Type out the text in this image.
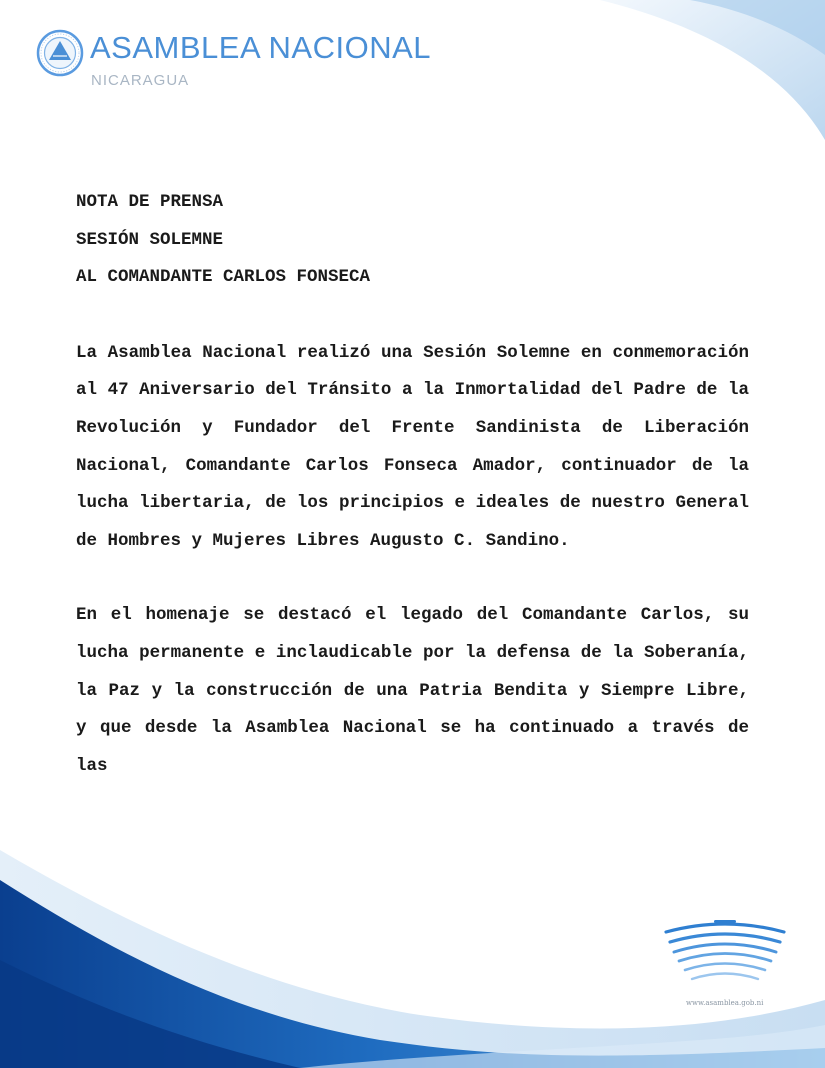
ASAMBLEA NACIONAL
NICARAGUA

NOTA DE PRENSA

SESIÓN SOLEMNE

AL COMANDANTE CARLOS FONSECA

La Asamblea Nacional realizó una Sesión Solemne en conmemoración al 47 Aniversario del Tránsito a la Inmortalidad del Padre de la Revolución y Fundador del Frente Sandinista de Liberación Nacional, Comandante Carlos Fonseca Amador, continuador de la lucha libertaria, de los principios e ideales de nuestro General de Hombres y Mujeres Libres Augusto C. Sandino.

En el homenaje se destacó el legado del Comandante Carlos, su lucha permanente e inclaudicable por la defensa de la Soberanía, la Paz y la construcción de una Patria Bendita y Siempre Libre, y que desde la Asamblea Nacional se ha continuado a través de las

www.asamblea.gob.ni
